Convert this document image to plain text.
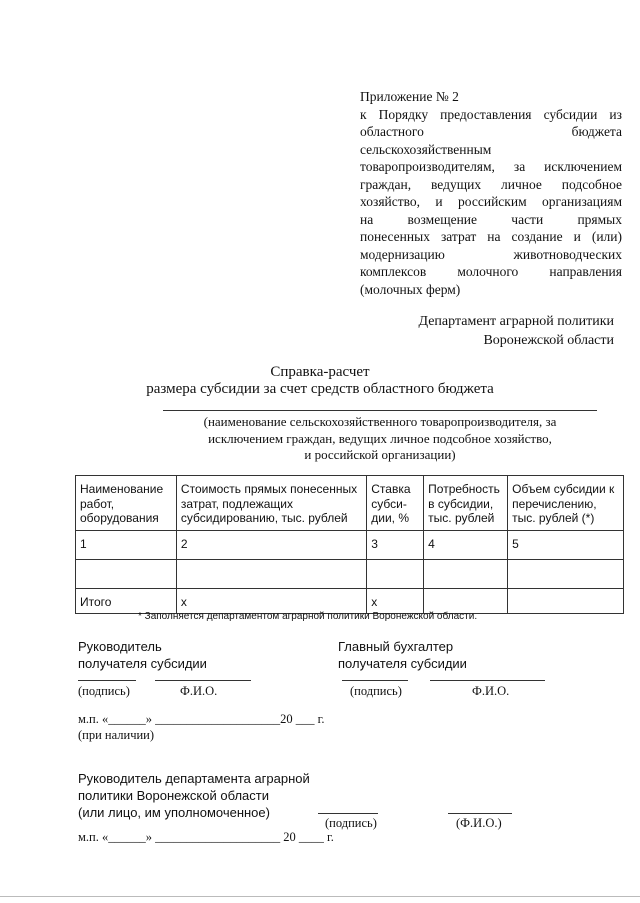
Приложение № 2
к Порядку предоставления субсидии из
областного бюджета
сельскохозяйственным
товаропроизводителям, за исключением
граждан, ведущих личное подсобное
хозяйство, и российским организациям
на возмещение части прямых
понесенных затрат на создание и (или)
модернизацию животноводческих
комплексов молочного направления
(молочных ферм)
Департамент аграрной политики
Воронежской области
Справка-расчет
размера субсидии за счет средств областного бюджета
(наименование сельскохозяйственного товаропроизводителя, за
исключением граждан, ведущих личное подсобное хозяйство,
и российской организации)
Наименование работ, оборудования	Стоимость прямых понесенных затрат, подлежащих субсидированию, тыс. рублей	Ставка субси-дии, %	Потребность в субсидии, тыс. рублей	Объем субсидии к перечислению, тыс. рублей (*)
1	2	3	4	5

Итого	х	х		
* Заполняется департаментом аграрной политики Воронежской области.
Руководитель
получателя субсидии
Главный бухгалтер
получателя субсидии
(подпись)	Ф.И.О.	(подпись)	Ф.И.О.
м.п. «______» ____________________20 ___ г.
(при наличии)
Руководитель департамента аграрной
политики Воронежской области
(или лицо, им уполномоченное)
(подпись)	(Ф.И.О.)
м.п. «______» ____________________ 20 ____ г.
